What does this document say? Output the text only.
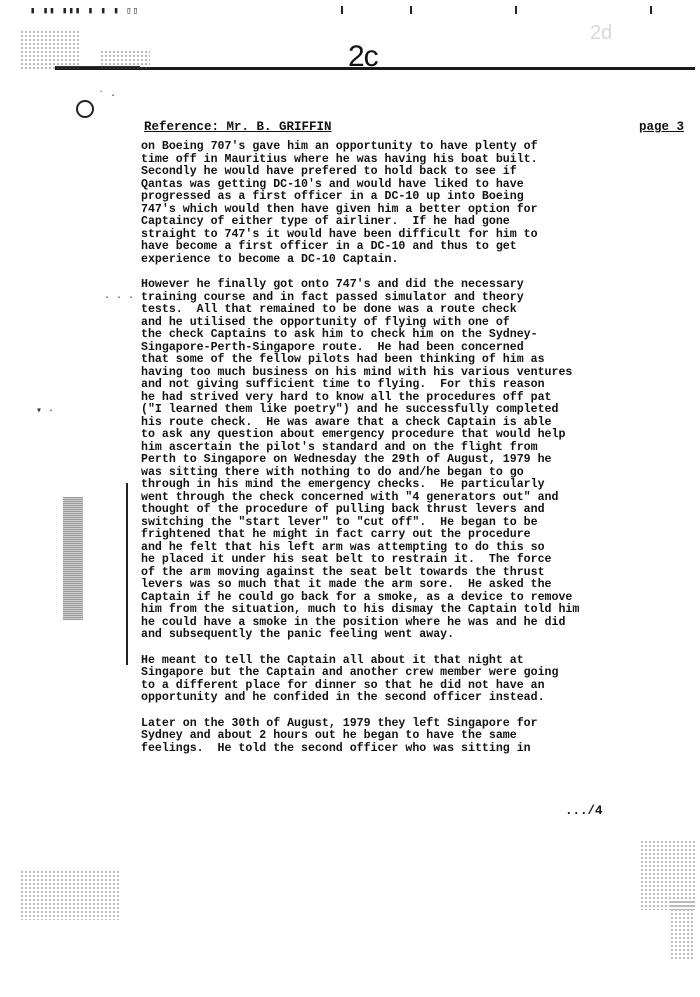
▮ ▮▮ ▮▮▮ ▮ ▮ ▮ ▯▯
2c
2d
` ·
· · ·
▾ ·
Reference: Mr. B. GRIFFIN	page 3
on Boeing 707's gave him an opportunity to have plenty of
time off in Mauritius where he was having his boat built.
Secondly he would have prefered to hold back to see if
Qantas was getting DC-10's and would have liked to have
progressed as a first officer in a DC-10 up into Boeing
747's which would then have given him a better option for
Captaincy of either type of airliner.  If he had gone
straight to 747's it would have been difficult for him to
have become a first officer in a DC-10 and thus to get
experience to become a DC-10 Captain.
However he finally got onto 747's and did the necessary
training course and in fact passed simulator and theory
tests.  All that remained to be done was a route check
and he utilised the opportunity of flying with one of
the check Captains to ask him to check him on the Sydney-
Singapore-Perth-Singapore route.  He had been concerned
that some of the fellow pilots had been thinking of him as
having too much business on his mind with his various ventures
and not giving sufficient time to flying.  For this reason
he had strived very hard to know all the procedures off pat
("I learned them like poetry") and he successfully completed
his route check.  He was aware that a check Captain is able
to ask any question about emergency procedure that would help
him ascertain the pilot's standard and on the flight from
Perth to Singapore on Wednesday the 29th of August, 1979 he
was sitting there with nothing to do and/he began to go
through in his mind the emergency checks.  He particularly
went through the check concerned with "4 generators out" and
thought of the procedure of pulling back thrust levers and
switching the "start lever" to "cut off".  He began to be
frightened that he might in fact carry out the procedure
and he felt that his left arm was attempting to do this so
he placed it under his seat belt to restrain it.  The force
of the arm moving against the seat belt towards the thrust
levers was so much that it made the arm sore.  He asked the
Captain if he could go back for a smoke, as a device to remove
him from the situation, much to his dismay the Captain told him
he could have a smoke in the position where he was and he did
and subsequently the panic feeling went away.
He meant to tell the Captain all about it that night at
Singapore but the Captain and another crew member were going
to a different place for dinner so that he did not have an
opportunity and he confided in the second officer instead.
Later on the 30th of August, 1979 they left Singapore for
Sydney and about 2 hours out he began to have the same
feelings.  He told the second officer who was sitting in
.../4
